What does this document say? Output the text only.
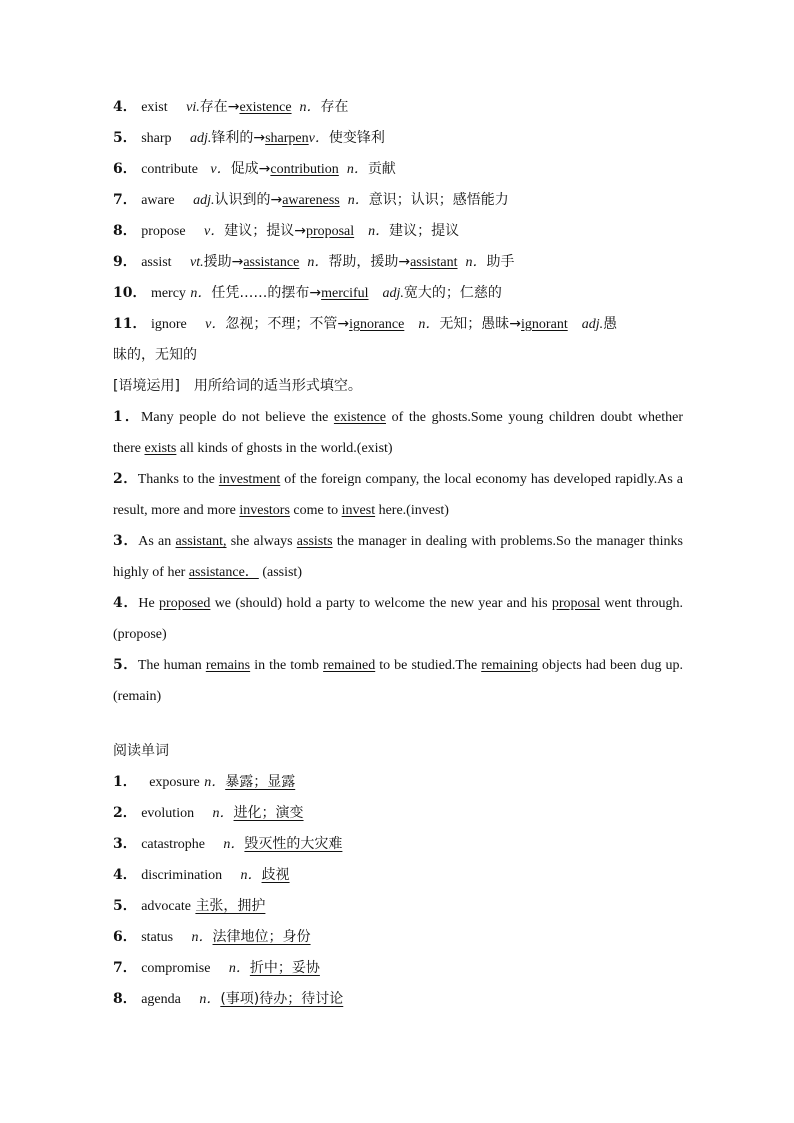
4． exist vi.存在→existence n．存在
5． sharp adj.锋利的→sharpenv．使变锋利
6． contribute v．促成→contribution n．贡献
7． aware adj.认识到的→awareness n．意识；认识；感悟能力
8． propose v．建议；提议→proposal n．建议；提议
9． assist vt.援助→assistance n．帮助，援助→assistant n．助手
10． mercy n．任凭……的摆布→merciful adj.宽大的；仁慈的
11． ignore v．忽视；不理；不管→ignorance n．无知；愚昧→ignorant adj.愚
昧的，无知的
[语境运用]　用所给词的适当形式填空。

1．Many people do not believe the existence of the ghosts.Some young children doubt whether there exists all kinds of ghosts in the world.(exist)

2．Thanks to the investment of the foreign company, the local economy has developed rapidly.As a result, more and more investors come to invest here.(invest)

3．As an assistant, she always assists the manager in dealing with problems.So the manager thinks highly of her assistance． (assist)

4．He proposed we (should) hold a party to welcome the new year and his proposal went through.(propose)

5．The human remains in the tomb remained to be studied.The remaining objects had been dug up.(remain)

阅读单词
1． exposure n．暴露；显露
2． evolution n．进化；演变
3． catastrophe n．毁灭性的大灾难
4． discrimination n．歧视
5． advocate 主张，拥护
6． status n．法律地位；身份
7． compromise n．折中；妥协
8． agenda n．(事项)待办；待讨论
